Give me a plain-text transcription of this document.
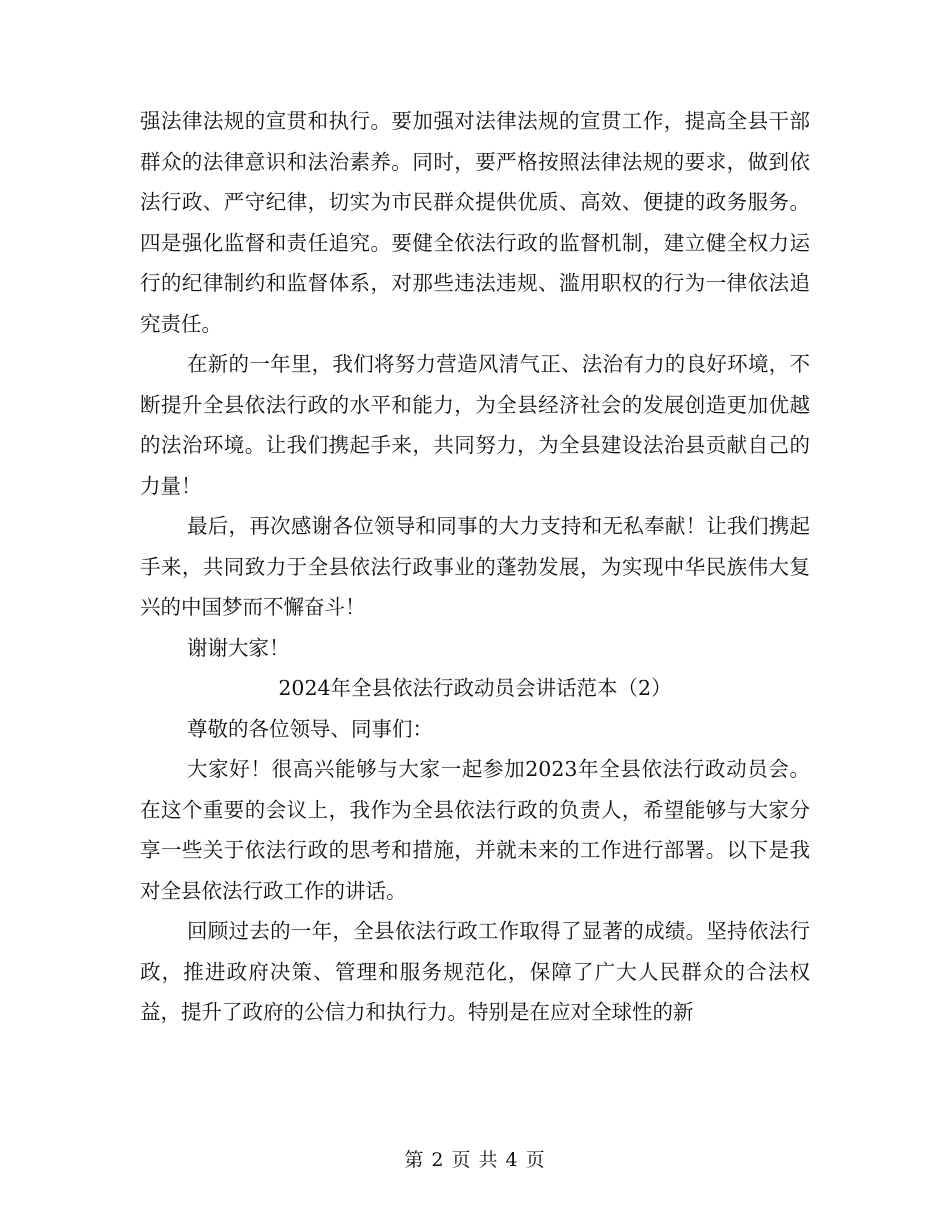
强法律法规的宣贯和执行。要加强对法律法规的宣贯工作，提高全县干部群众的法律意识和法治素养。同时，要严格按照法律法规的要求，做到依法行政、严守纪律，切实为市民群众提供优质、高效、便捷的政务服务。四是强化监督和责任追究。要健全依法行政的监督机制，建立健全权力运行的纪律制约和监督体系，对那些违法违规、滥用职权的行为一律依法追究责任。

在新的一年里，我们将努力营造风清气正、法治有力的良好环境，不断提升全县依法行政的水平和能力，为全县经济社会的发展创造更加优越的法治环境。让我们携起手来，共同努力，为全县建设法治县贡献自己的力量！

最后，再次感谢各位领导和同事的大力支持和无私奉献！让我们携起手来，共同致力于全县依法行政事业的蓬勃发展，为实现中华民族伟大复兴的中国梦而不懈奋斗！

谢谢大家！

2024年全县依法行政动员会讲话范本（2）

尊敬的各位领导、同事们：

大家好！很高兴能够与大家一起参加2023年全县依法行政动员会。在这个重要的会议上，我作为全县依法行政的负责人，希望能够与大家分享一些关于依法行政的思考和措施，并就未来的工作进行部署。以下是我对全县依法行政工作的讲话。

回顾过去的一年，全县依法行政工作取得了显著的成绩。坚持依法行政，推进政府决策、管理和服务规范化，保障了广大人民群众的合法权益，提升了政府的公信力和执行力。特别是在应对全球性的新

第 2 页 共 4 页
